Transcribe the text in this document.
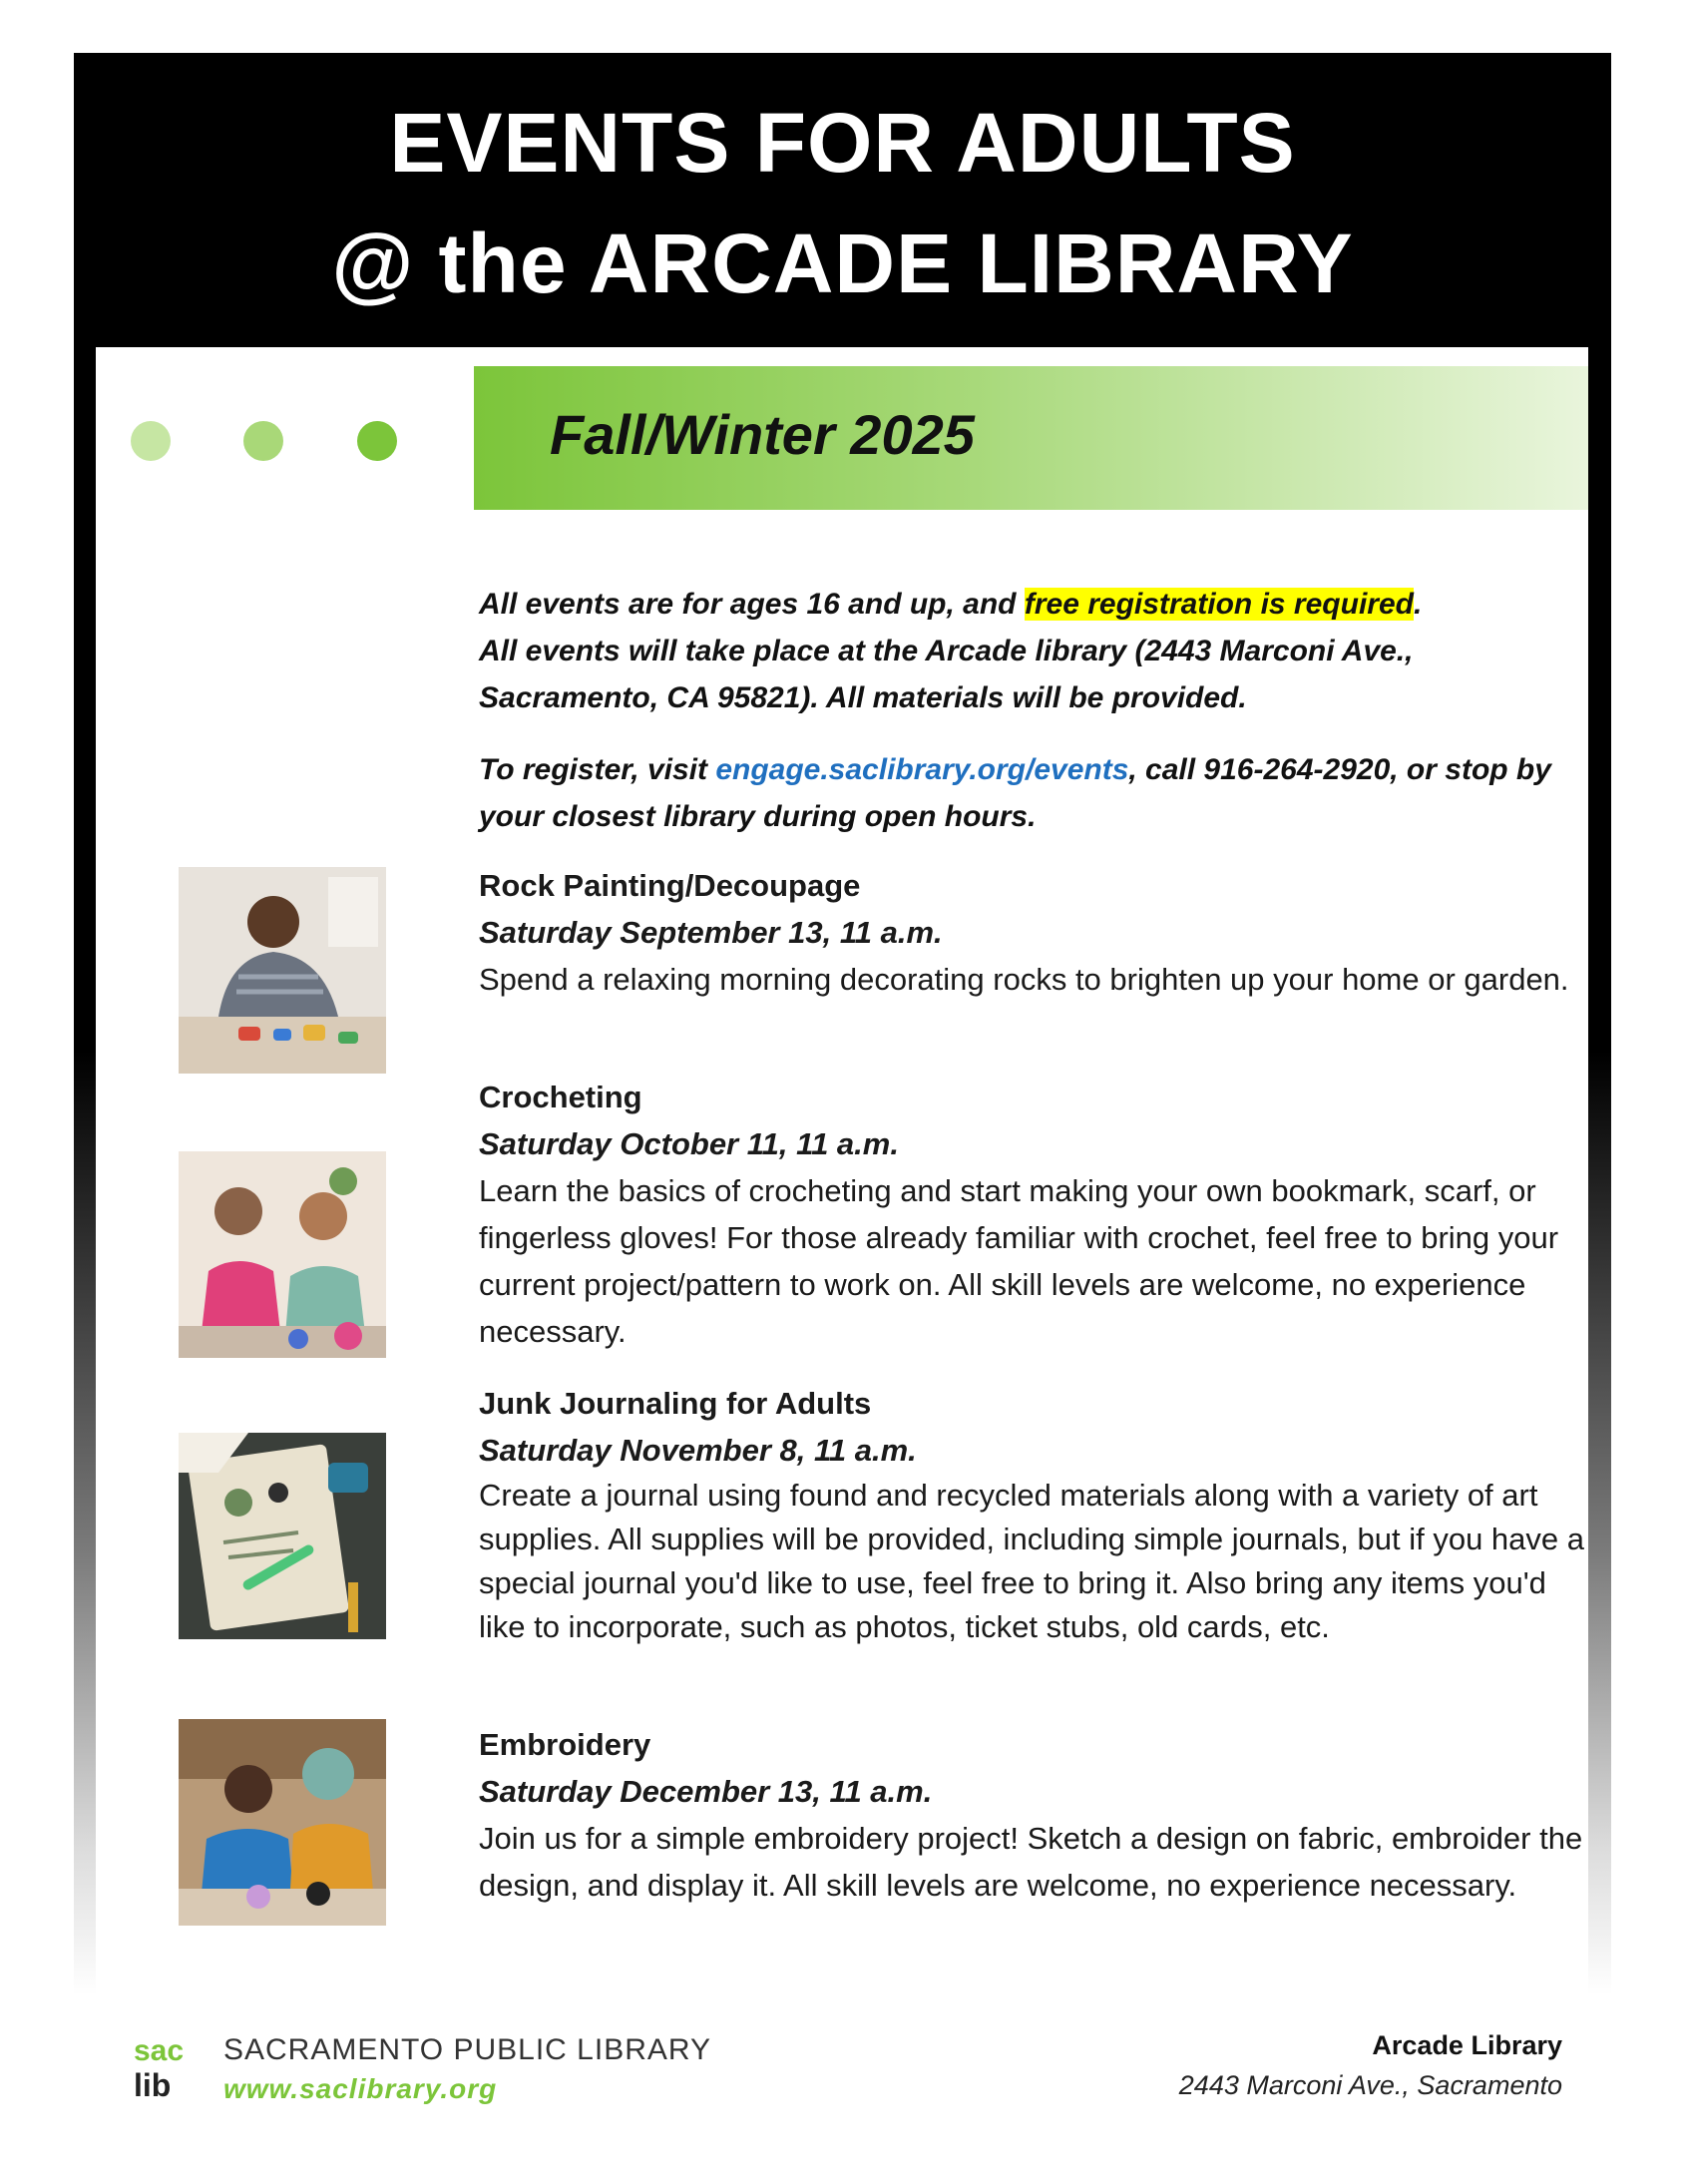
EVENTS FOR ADULTS
@ the ARCADE LIBRARY
Fall/Winter 2025
All events are for ages 16 and up, and free registration is required.
All events will take place at the Arcade library (2443 Marconi Ave., Sacramento, CA 95821). All materials will be provided.
To register, visit engage.saclibrary.org/events, call 916-264-2920, or stop by your closest library during open hours.
Rock Painting/Decoupage
Saturday September 13, 11 a.m.
Spend a relaxing morning decorating rocks to brighten up your home or garden.
Crocheting
Saturday October 11, 11 a.m.
Learn the basics of crocheting and start making your own bookmark, scarf, or fingerless gloves! For those already familiar with crochet, feel free to bring your current project/pattern to work on. All skill levels are welcome, no experience necessary.
Junk Journaling for Adults
Saturday November 8, 11 a.m.
Create a journal using found and recycled materials along with a variety of art supplies. All supplies will be provided, including simple journals, but if you have a special journal you'd like to use, feel free to bring it. Also bring any items you'd like to incorporate, such as photos, ticket stubs, old cards, etc.
Embroidery
Saturday December 13, 11 a.m.
Join us for a simple embroidery project! Sketch a design on fabric, embroider the design, and display it. All skill levels are welcome, no experience necessary.
sac
lib
SACRAMENTO PUBLIC LIBRARY
www.saclibrary.org
Arcade Library
2443 Marconi Ave., Sacramento
